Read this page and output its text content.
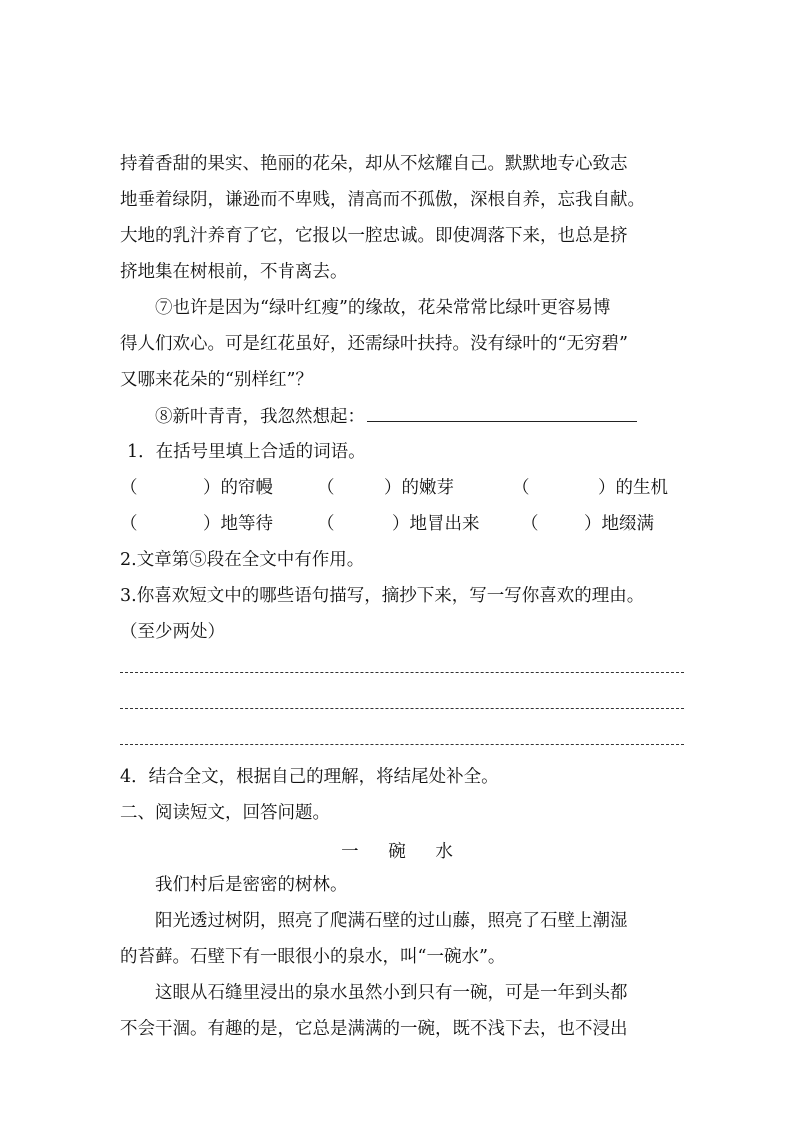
持着香甜的果实、艳丽的花朵，却从不炫耀自己。默默地专心致志
地垂着绿阴，谦逊而不卑贱，清高而不孤傲，深根自养，忘我自献。
大地的乳汁养育了它，它报以一腔忠诚。即使凋落下来，也总是挤
挤地集在树根前，不肯离去。
⑦也许是因为“绿叶红瘦”的缘故，花朵常常比绿叶更容易博
得人们欢心。可是红花虽好，还需绿叶扶持。没有绿叶的“无穷碧”
又哪来花朵的“别样红”？
⑧新叶青青，我忽然想起：
1．在括号里填上合适的词语。
（	）的帘幔	（	）的嫩芽	（	）的生机
（	）地等待	（	）地冒出来 （	）地缀满
2.文章第⑤段在全文中有作用。
3.你喜欢短文中的哪些语句描写，摘抄下来，写一写你喜欢的理由。
（至少两处）
4．结合全文，根据自己的理解，将结尾处补全。
二、阅读短文，回答问题。
一 碗 水
我们村后是密密的树林。
阳光透过树阴，照亮了爬满石壁的过山藤，照亮了石壁上潮湿
的苔藓。石壁下有一眼很小的泉水，叫“一碗水”。
这眼从石缝里浸出的泉水虽然小到只有一碗，可是一年到头都
不会干涸。有趣的是，它总是满满的一碗，既不浅下去，也不浸出
